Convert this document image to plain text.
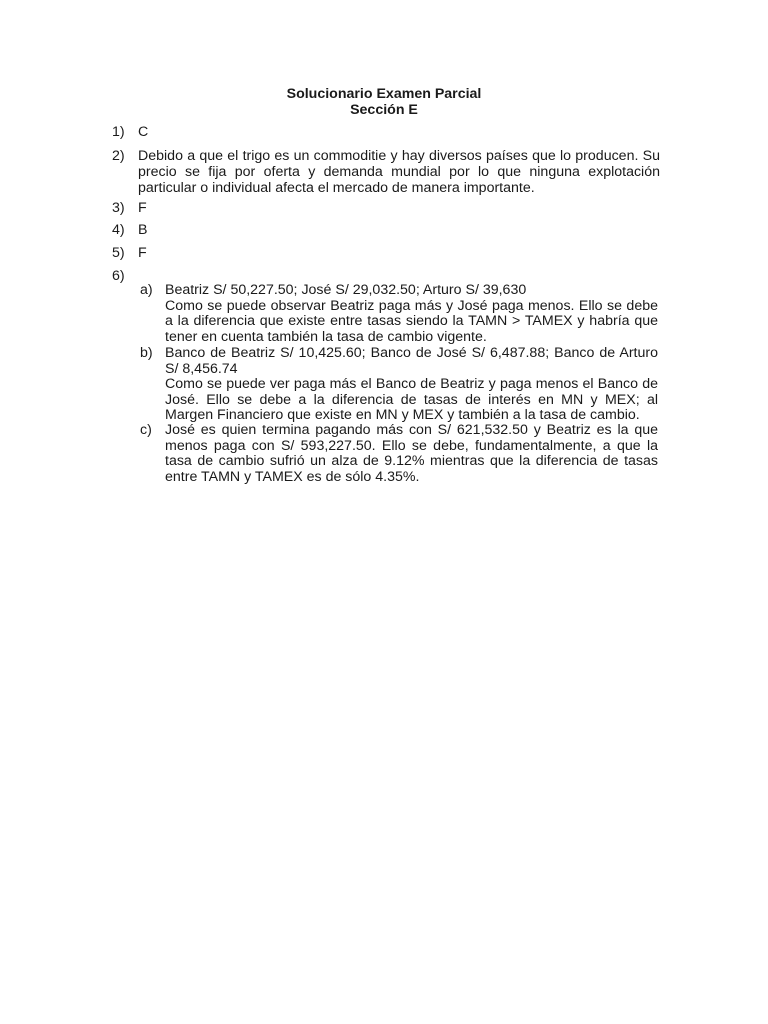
Solucionario Examen Parcial
Sección E
1) C

2) Debido a que el trigo es un commoditie y hay diversos países que lo producen. Su precio se fija por oferta y demanda mundial por lo que ninguna explotación particular o individual afecta el mercado de manera importante.

3) F

4) B

5) F

6)

a) Beatriz S/ 50,227.50; José S/ 29,032.50; Arturo S/ 39,630

Como se puede observar Beatriz paga más y José paga menos. Ello se debe a la diferencia que existe entre tasas siendo la TAMN > TAMEX y habría que tener en cuenta también la tasa de cambio vigente.

b) Banco de Beatriz S/ 10,425.60; Banco de José S/ 6,487.88; Banco de Arturo S/ 8,456.74

Como se puede ver paga más el Banco de Beatriz y paga menos el Banco de José. Ello se debe a la diferencia de tasas de interés en MN y MEX; al Margen Financiero que existe en MN y MEX y también a la tasa de cambio.

c) José es quien termina pagando más con S/ 621,532.50 y Beatriz es la que menos paga con S/ 593,227.50. Ello se debe, fundamentalmente, a que la tasa de cambio sufrió un alza de 9.12% mientras que la diferencia de tasas entre TAMN y TAMEX es de sólo 4.35%.
